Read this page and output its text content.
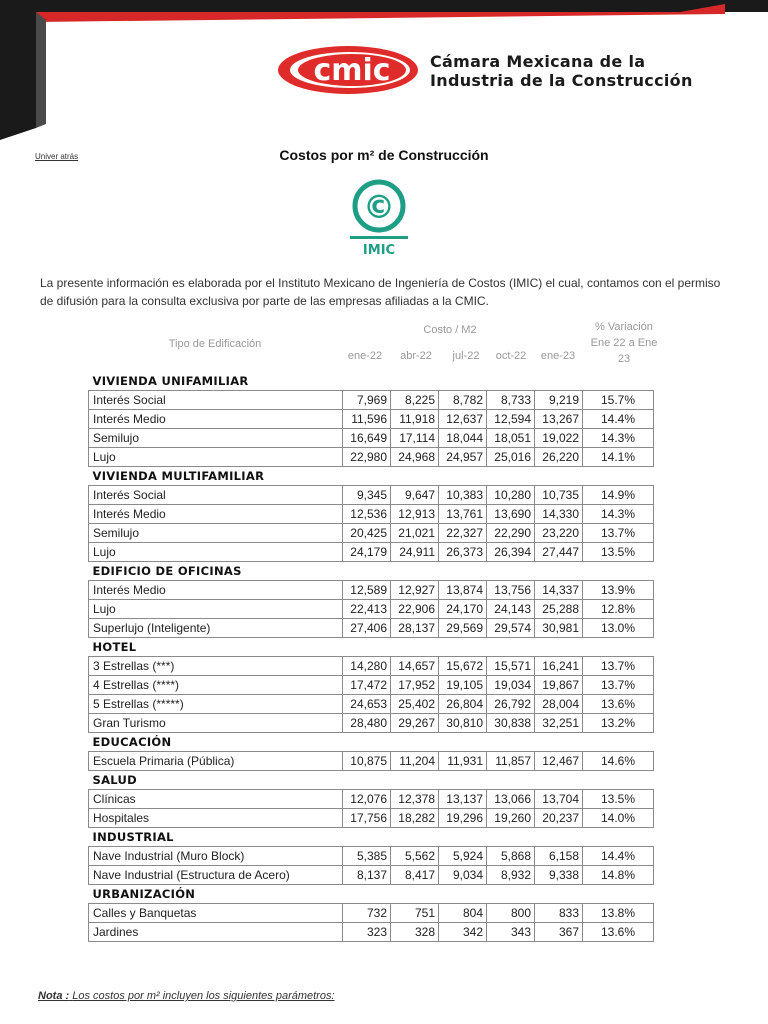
cmic Cámara Mexicana de la
Industria de la Construcción
Univer atrás	Costos por m² de Construcción
©
IMIC
La presente información es elaborada por el Instituto Mexicano de Ingeniería de Costos (IMIC) el cual, contamos con el permiso de difusión para la consulta exclusiva por parte de las empresas afiliadas a la CMIC.
Tipo de Edificación
Costo / M2	% Variación Ene 22 a Ene 23
ene-22	abr-22	jul-22	oct-22	ene-23
VIVIENDA UNIFAMILIAR						
Interés Social	7,969	8,225	8,782	8,733	9,219	15.7%
Interés Medio	11,596	11,918	12,637	12,594	13,267	14.4%
Semilujo	16,649	17,114	18,044	18,051	19,022	14.3%
Lujo	22,980	24,968	24,957	25,016	26,220	14.1%
VIVIENDA MULTIFAMILIAR						
Interés Social	9,345	9,647	10,383	10,280	10,735	14.9%
Interés Medio	12,536	12,913	13,761	13,690	14,330	14.3%
Semilujo	20,425	21,021	22,327	22,290	23,220	13.7%
Lujo	24,179	24,911	26,373	26,394	27,447	13.5%
EDIFICIO DE OFICINAS						
Interés Medio	12,589	12,927	13,874	13,756	14,337	13.9%
Lujo	22,413	22,906	24,170	24,143	25,288	12.8%
Superlujo (Inteligente)	27,406	28,137	29,569	29,574	30,981	13.0%
HOTEL						
3 Estrellas (***)	14,280	14,657	15,672	15,571	16,241	13.7%
4 Estrellas (****)	17,472	17,952	19,105	19,034	19,867	13.7%
5 Estrellas (*****)	24,653	25,402	26,804	26,792	28,004	13.6%
Gran Turismo	28,480	29,267	30,810	30,838	32,251	13.2%
EDUCACIÓN						
Escuela Primaria (Pública)	10,875	11,204	11,931	11,857	12,467	14.6%
SALUD						
Clínicas	12,076	12,378	13,137	13,066	13,704	13.5%
Hospitales	17,756	18,282	19,296	19,260	20,237	14.0%
INDUSTRIAL						
Nave Industrial (Muro Block)	5,385	5,562	5,924	5,868	6,158	14.4%
Nave Industrial (Estructura de Acero)	8,137	8,417	9,034	8,932	9,338	14.8%
URBANIZACIÓN						
Calles y Banquetas	732	751	804	800	833	13.8%
Jardines	323	328	342	343	367	13.6%
Nota : Los costos por m² incluyen los siguientes parámetros:
